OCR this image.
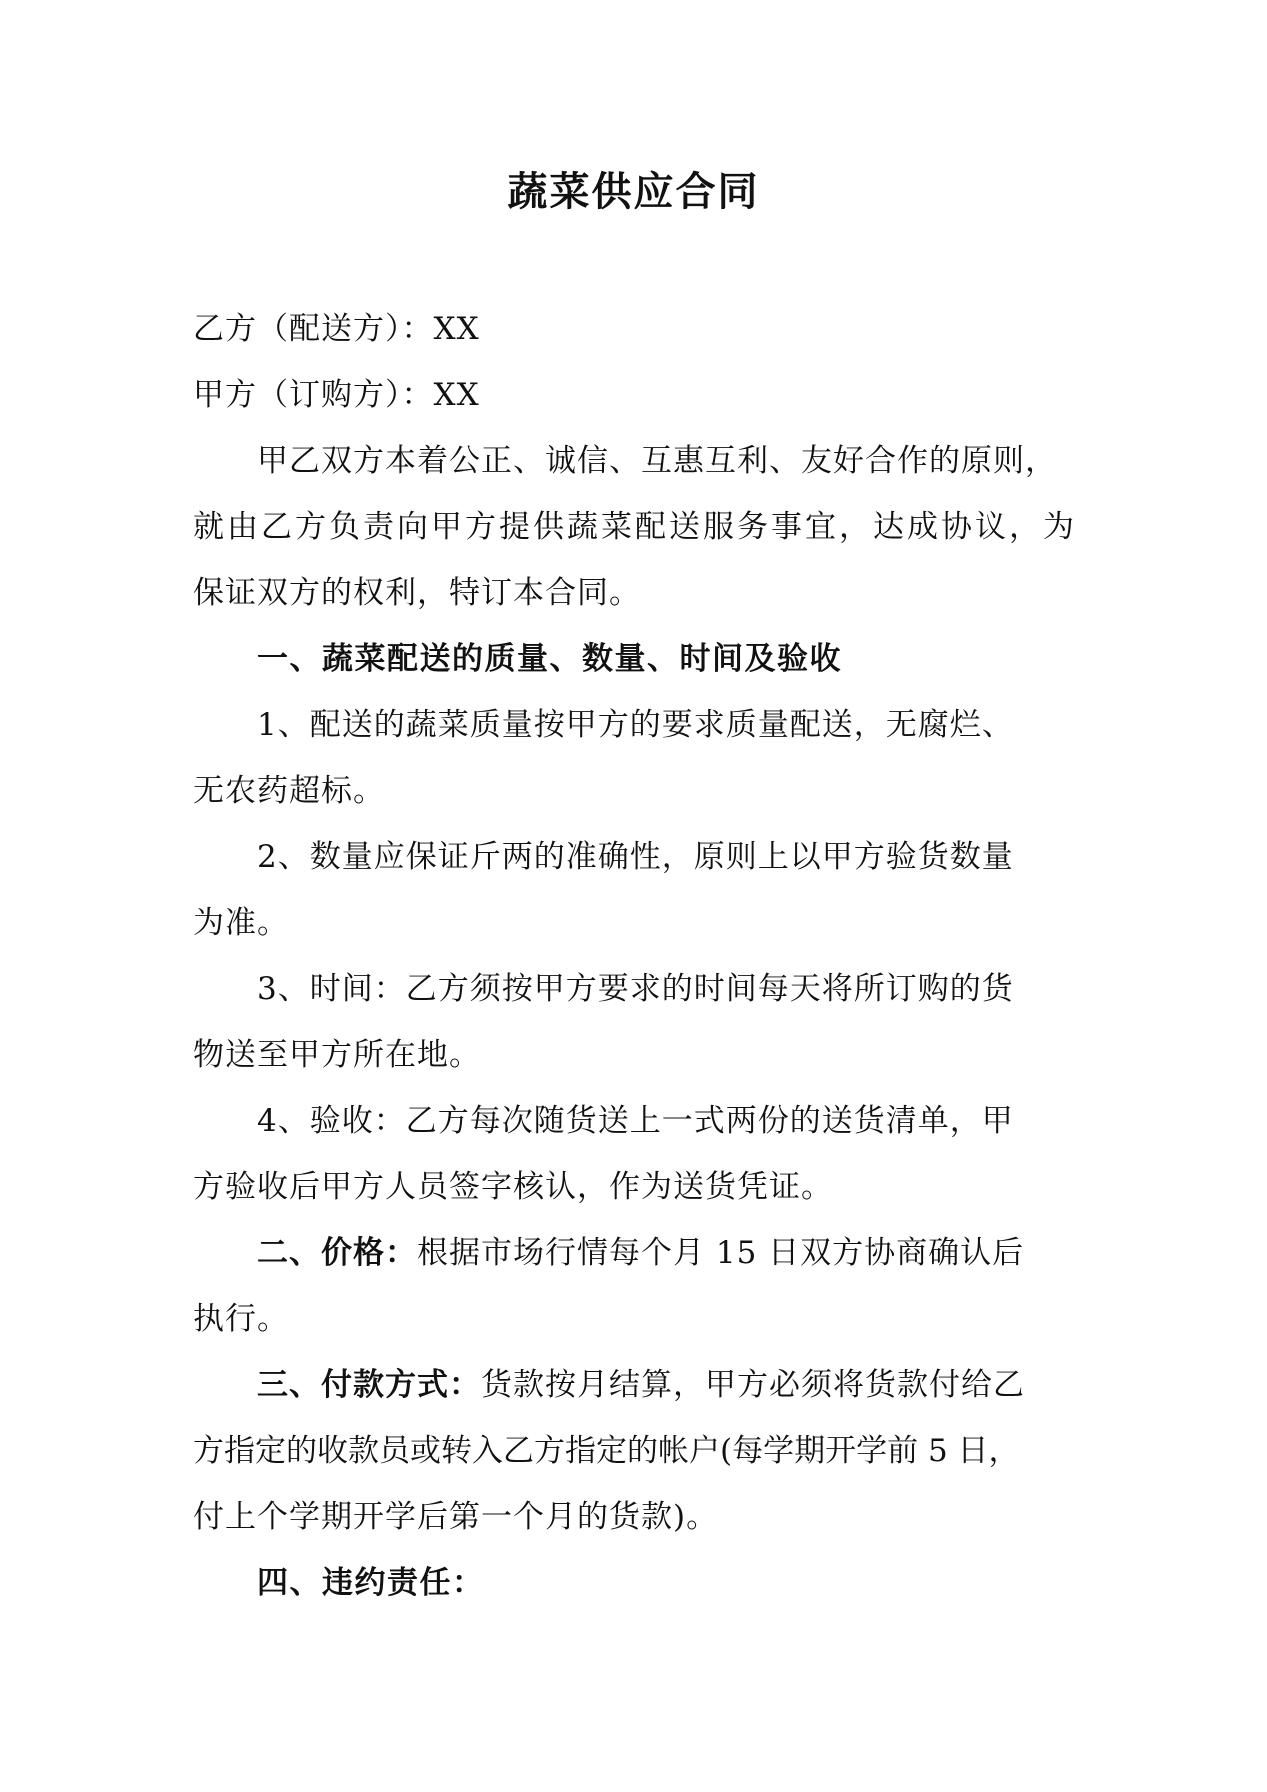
蔬菜供应合同
乙方（配送方）：XX
甲方（订购方）：XX
甲乙双方本着公正、诚信、互惠互利、友好合作的原则，
就由乙方负责向甲方提供蔬菜配送服务事宜，达成协议，为
保证双方的权利，特订本合同。
一、蔬菜配送的质量、数量、时间及验收
1、配送的蔬菜质量按甲方的要求质量配送，无腐烂、
无农药超标。
2、数量应保证斤两的准确性，原则上以甲方验货数量
为准。
3、时间：乙方须按甲方要求的时间每天将所订购的货
物送至甲方所在地。
4、验收：乙方每次随货送上一式两份的送货清单，甲
方验收后甲方人员签字核认，作为送货凭证。
二、价格：根据市场行情每个月 15 日双方协商确认后
执行。
三、付款方式：货款按月结算，甲方必须将货款付给乙
方指定的收款员或转入乙方指定的帐户(每学期开学前 5 日，
付上个学期开学后第一个月的货款)。
四、违约责任：
